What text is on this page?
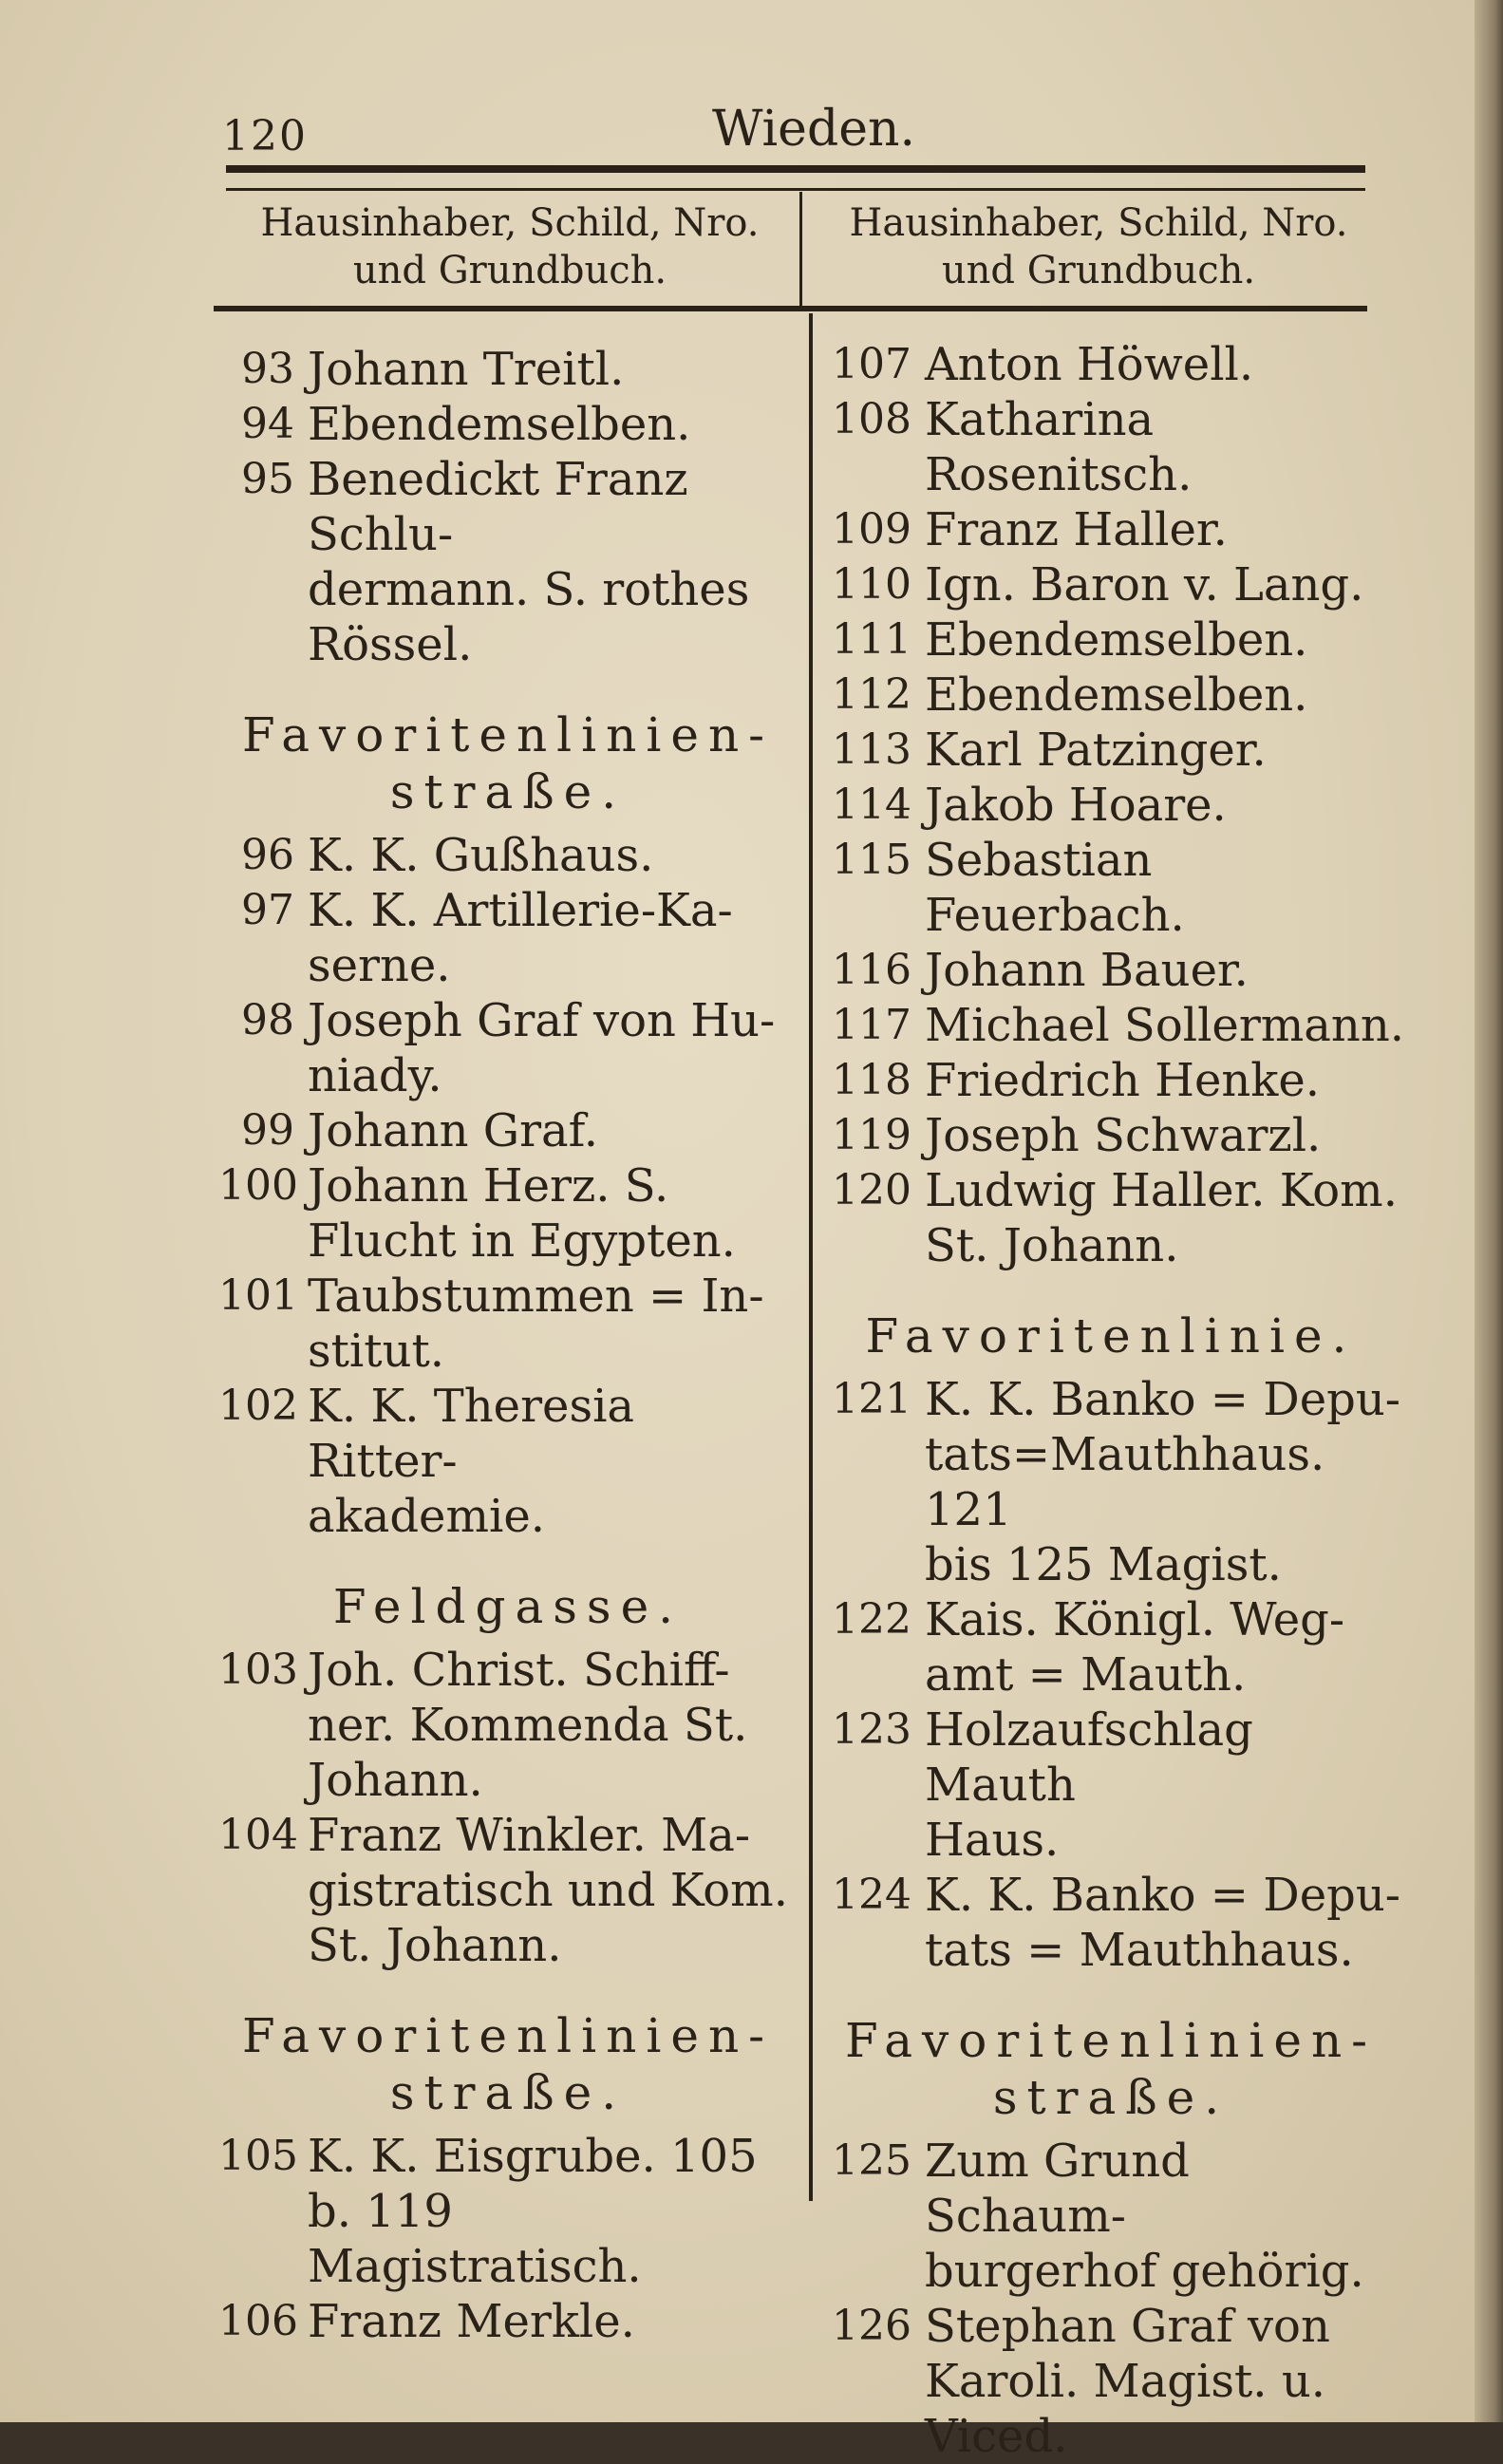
120	Wieden.
Hausinhaber, Schild, Nro.
und Grundbuch.
Hausinhaber, Schild, Nro.
und Grundbuch.
93 Johann Treitl.
94 Ebendemselben.
95 Benedickt Franz Schlu-
dermann. S. rothes
Rössel.
Favoritenlinien-
straße.
96 K. K. Gußhaus.
97 K. K. Artillerie-Ka-
serne.
98 Joseph Graf von Hu-
niady.
99 Johann Graf.
100 Johann Herz. S.
Flucht in Egypten.
101 Taubstummen = In-
stitut.
102 K. K. Theresia Ritter-
akademie.
Feldgasse.
103 Joh. Christ. Schiff-
ner. Kommenda St.
Johann.
104 Franz Winkler. Ma-
gistratisch und Kom.
St. Johann.
Favoritenlinien-
straße.
105 K. K. Eisgrube. 105
b. 119 Magistratisch.
106 Franz Merkle.
107 Anton Höwell.
108 Katharina Rosenitsch.
109 Franz Haller.
110 Ign. Baron v. Lang.
111 Ebendemselben.
112 Ebendemselben.
113 Karl Patzinger.
114 Jakob Hoare.
115 Sebastian Feuerbach.
116 Johann Bauer.
117 Michael Sollermann.
118 Friedrich Henke.
119 Joseph Schwarzl.
120 Ludwig Haller. Kom.
St. Johann.
Favoritenlinie.
121 K. K. Banko = Depu-
tats=Mauthhaus. 121
bis 125 Magist.
122 Kais. Königl. Weg-
amt = Mauth.
123 Holzaufschlag Mauth
Haus.
124 K. K. Banko = Depu-
tats = Mauthhaus.
Favoritenlinien-
straße.
125 Zum Grund Schaum-
burgerhof gehörig.
126 Stephan Graf von
Karoli. Magist. u.
Viced.
